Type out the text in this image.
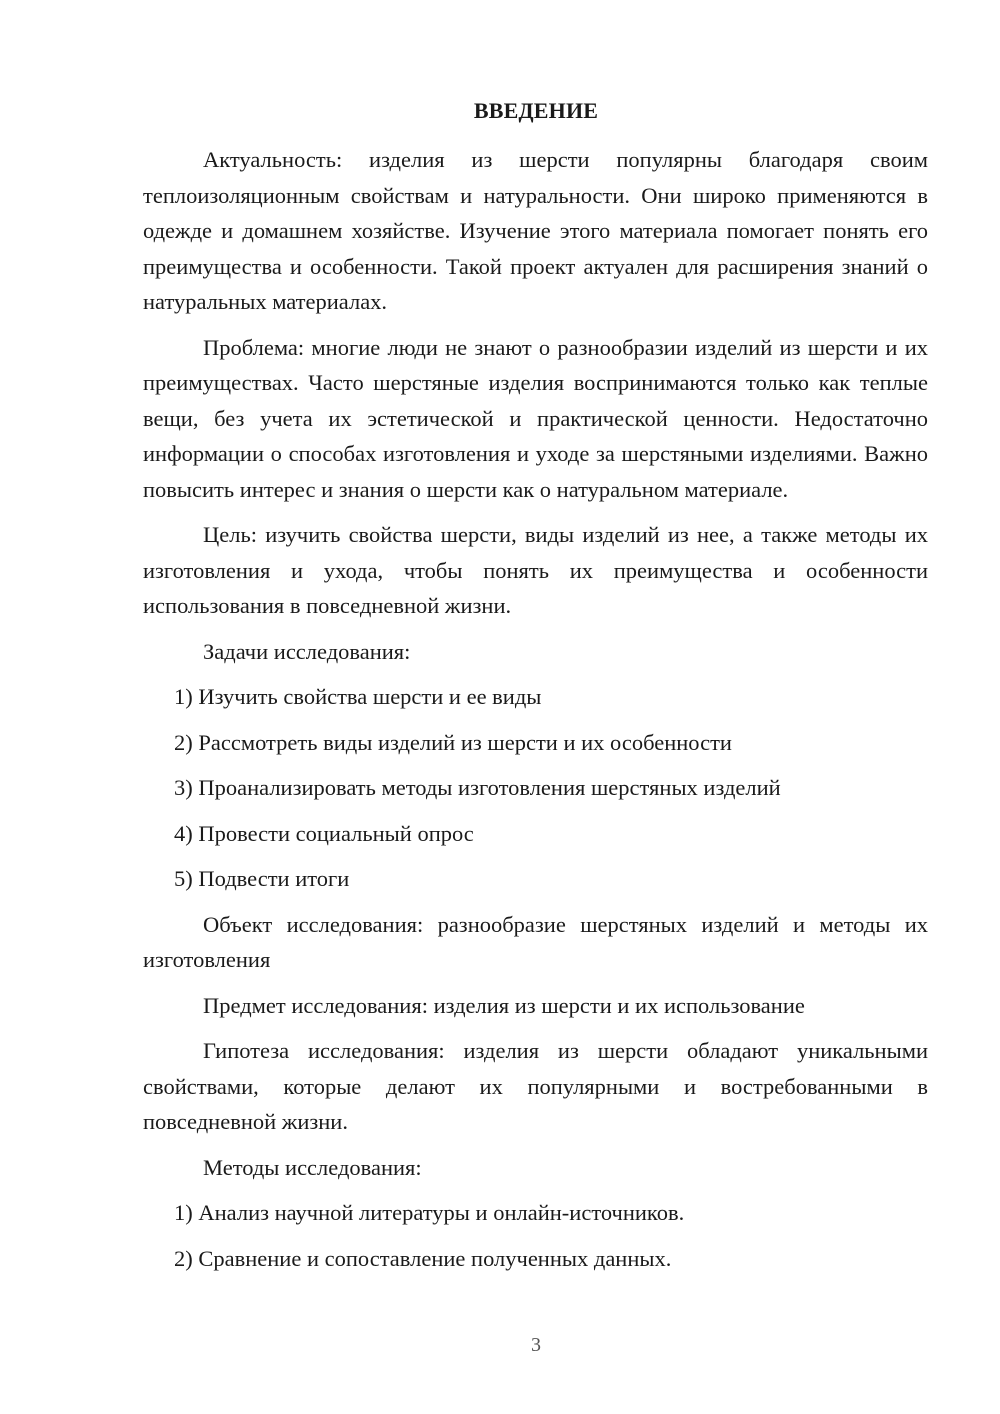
ВВЕДЕНИЕ

Актуальность: изделия из шерсти популярны благодаря своим теплоизоляционным свойствам и натуральности. Они широко применяются в одежде и домашнем хозяйстве. Изучение этого материала помогает понять его преимущества и особенности. Такой проект актуален для расширения знаний о натуральных материалах.

Проблема: многие люди не знают о разнообразии изделий из шерсти и их преимуществах. Часто шерстяные изделия воспринимаются только как теплые вещи, без учета их эстетической и практической ценности. Недостаточно информации о способах изготовления и уходе за шерстяными изделиями. Важно повысить интерес и знания о шерсти как о натуральном материале.

Цель: изучить свойства шерсти, виды изделий из нее, а также методы их изготовления и ухода, чтобы понять их преимущества и особенности использования в повседневной жизни.

Задачи исследования:

1) Изучить свойства шерсти и ее виды
2) Рассмотреть виды изделий из шерсти и их особенности
3) Проанализировать методы изготовления шерстяных изделий
4) Провести социальный опрос
5) Подвести итоги

Объект исследования: разнообразие шерстяных изделий и методы их изготовления

Предмет исследования: изделия из шерсти и их использование

Гипотеза исследования: изделия из шерсти обладают уникальными свойствами, которые делают их популярными и востребованными в повседневной жизни.

Методы исследования:

1) Анализ научной литературы и онлайн-источников.
2) Сравнение и сопоставление полученных данных.
3
